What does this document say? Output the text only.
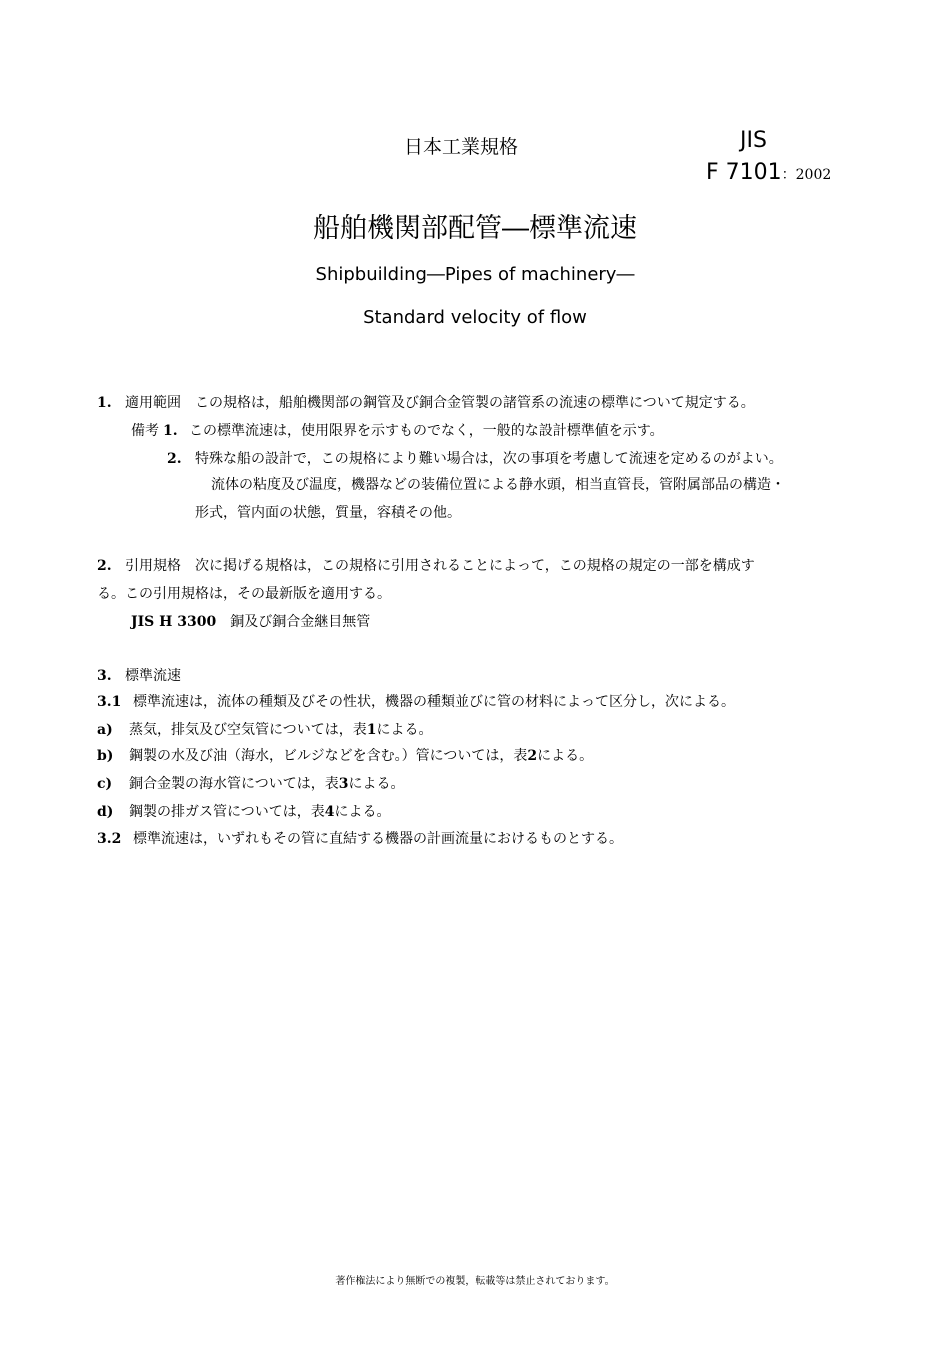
日本工業規格	JIS
F 7101：2002
船舶機関部配管―標準流速
Shipbuilding―Pipes of machinery―
Standard velocity of flow
1. 適用範囲 この規格は，船舶機関部の鋼管及び銅合金管製の諸管系の流速の標準について規定する。
備考 1. この標準流速は，使用限界を示すものでなく，一般的な設計標準値を示す。
2. 特殊な船の設計で，この規格により難い場合は，次の事項を考慮して流速を定めるのがよい。
流体の粘度及び温度，機器などの装備位置による静水頭，相当直管長，管附属部品の構造・
形式，管内面の状態，質量，容積その他。
2. 引用規格 次に掲げる規格は，この規格に引用されることによって，この規格の規定の一部を構成す
る。この引用規格は，その最新版を適用する。
JIS H 3300 銅及び銅合金継目無管
3. 標準流速
3.1 標準流速は，流体の種類及びその性状，機器の種類並びに管の材料によって区分し，次による。
a) 蒸気，排気及び空気管については，表1による。
b) 鋼製の水及び油（海水，ビルジなどを含む。）管については，表2による。
c) 銅合金製の海水管については，表3による。
d) 鋼製の排ガス管については，表4による。
3.2 標準流速は，いずれもその管に直結する機器の計画流量におけるものとする。
著作権法により無断での複製，転載等は禁止されております。
